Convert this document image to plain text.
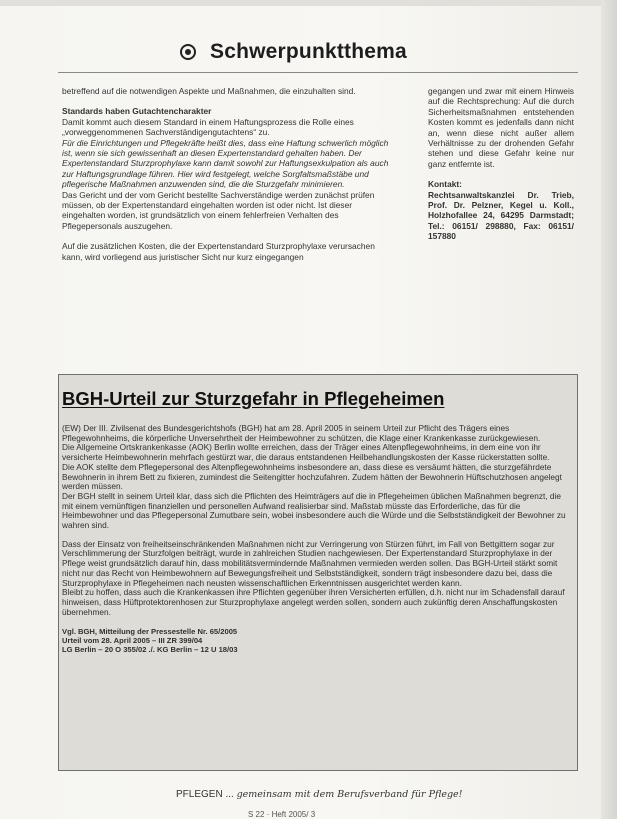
Schwerpunktthema

betreffend auf die notwendigen Aspekte und Maßnahmen, die einzuhalten sind.

Standards haben Gutachtencharakter

Damit kommt auch diesem Standard in einem Haftungsprozess die Rolle eines „vorweggenommenen Sachverständigengutachtens“ zu.

Für die Einrichtungen und Pflegekräfte heißt dies, dass eine Haftung schwerlich möglich ist, wenn sie sich gewissenhaft an diesen Expertenstandard gehalten haben. Der Expertenstandard Sturzprophylaxe kann damit sowohl zur Haftungsexkulpation als auch zur Haftungsgrundlage führen. Hier wird festgelegt, welche Sorgfaltsmaßstäbe und pflegerische Maßnahmen anzuwenden sind, die die Sturzgefahr minimieren.

Das Gericht und der vom Gericht bestellte Sachverständige werden zunächst prüfen müssen, ob der Expertenstandard eingehalten worden ist oder nicht. Ist dieser eingehalten worden, ist grundsätzlich von einem fehlerfreien Verhalten des Pflegepersonals auszugehen.

Auf die zusätzlichen Kosten, die der Expertenstandard Sturzprophylaxe verursachen kann, wird vorliegend aus juristischer Sicht nur kurz eingegangen

gegangen und zwar mit einem Hinweis auf die Rechtsprechung: Auf die durch Sicherheitsmaßnahmen entstehenden Kosten kommt es jedenfalls dann nicht an, wenn diese nicht außer allem Verhältnisse zu der drohenden Gefahr stehen und diese Gefahr keine nur ganz entfernte ist.

Kontakt:

Rechtsanwaltskanzlei Dr. Trieb, Prof. Dr. Pelzner, Kegel u. Koll., Holzhofallee 24, 64295 Darmstadt; Tel.: 06151/ 298880, Fax: 06151/ 157880

BGH-Urteil zur Sturzgefahr in Pflegeheimen

(EW) Der III. Zivilsenat des Bundesgerichtshofs (BGH) hat am 28. April 2005 in seinem Urteil zur Pflicht des Trägers eines Pflegewohnheims, die körperliche Unversehrtheit der Heimbewohner zu schützen, die Klage einer Krankenkasse zurückgewiesen.

Die Allgemeine Ortskrankenkasse (AOK) Berlin wollte erreichen, dass der Träger eines Altenpflegewohnheims, in dem eine von ihr versicherte Heimbewohnerin mehrfach gestürzt war, die daraus entstandenen Heilbehandlungskosten der Kasse rückerstatten sollte.

Die AOK stellte dem Pflegepersonal des Altenpflegewohnheims insbesondere an, dass diese es versäumt hätten, die sturzgefährdete Bewohnerin in ihrem Bett zu fixieren, zumindest die Seitengitter hochzufahren. Zudem hätten der Bewohnerin Hüftschutzhosen angelegt werden müssen.

Der BGH stellt in seinem Urteil klar, dass sich die Pflichten des Heimträgers auf die in Pflegeheimen üblichen Maßnahmen begrenzt, die mit einem vernünftigen finanziellen und personellen Aufwand realisierbar sind. Maßstab müsste das Erforderliche, das für die Heimbewohner und das Pflegepersonal Zumutbare sein, wobei insbesondere auch die Würde und die Selbstständigkeit der Bewohner zu wahren sind.

Dass der Einsatz von freiheitseinschränkenden Maßnahmen nicht zur Verringerung von Stürzen führt, im Fall von Bettgittern sogar zur Verschlimmerung der Sturzfolgen beiträgt, wurde in zahlreichen Studien nachgewiesen. Der Expertenstandard Sturzprophylaxe in der Pflege weist grundsätzlich darauf hin, dass mobilitätsvermindernde Maßnahmen vermieden werden sollen. Das BGH-Urteil stärkt somit nicht nur das Recht von Heimbewohnern auf Bewegungsfreiheit und Selbstständigkeit, sondern trägt insbesondere dazu bei, dass die Sturzprophylaxe in Pflegeheimen nach neusten wissenschaftlichen Erkenntnissen ausgerichtet werden kann.

Bleibt zu hoffen, dass auch die Krankenkassen ihre Pflichten gegenüber ihren Versicherten erfüllen, d.h. nicht nur im Schadensfall darauf hinweisen, dass Hüftprotektorenhosen zur Sturzprophylaxe angelegt werden sollen, sondern auch zukünftig deren Anschaffungskosten übernehmen.

Vgl. BGH, Mitteilung der Pressestelle Nr. 65/2005
Urteil vom 28. April 2005 – III ZR 399/04
LG Berlin – 20 O 355/02 ./. KG Berlin – 12 U 18/03
PFLEGEN ... gemeinsam mit dem Berufsverband für Pflege!
S 22 · Heft 2005/ 3
